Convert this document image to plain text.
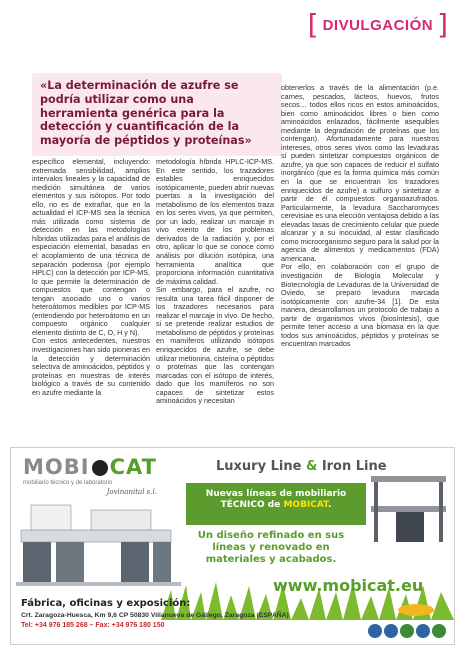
[ DIVULGACIÓN ]

«La determinación de azufre se podría utilizar como una herramienta genérica para la detección y cuantificación de la mayoría de péptidos y proteínas»

específico elemental, incluyendo: extremada sensibilidad, amplios intervalos lineales y la capacidad de medición simultánea de varios elementos y sus isótopos. Por todo ello, no es de extrañar, que en la actualidad el ICP-MS sea la técnica más utilizada como sistema de detección en las metodologías híbridas utilizadas para el análisis de especiación elemental, basadas en el acoplamiento de una técnica de separación poderosa (por ejemplo HPLC) con la detección por ICP-MS, lo que permite la determinación de compuestos que contengan o tengan asociado uno o varios heteroátomos medibles por ICP-MS (entendiendo por heteroátomo en un compuesto orgánico cualquier elemento distinto de C, O, H y N).

Con estos antecedentes, nuestros investigaciones han sido pioneras en la detección y determinación selectiva de aminoácidos, péptidos y proteínas en muestras de interés biológico a través de su contenido en azufre mediante la

metodología híbrida HPLC-ICP-MS. En este sentido, los trazadores estables enriquecidos isotópicamente, pueden abrir nuevas puertas a la investigación del metabolismo de los elementos traza en los seres vivos, ya que permiten, por un lado, realizar un marcaje in vivo exento de los problemas derivados de la radiación y, por el otro, aplicar lo que se conoce como análisis por dilución isotópica, una herramienta analítica que proporciona información cuantitativa de máxima calidad.

Sin embargo, para el azufre, no resulta una tarea fácil disponer de los trazadores necesarios para realizar el marcaje in vivo. De hecho, si se pretende realizar estudios de metabolismo de péptidos y proteínas en mamíferos utilizando isótopos enriquecidos de azufre, se debe utilizar metionina, cisteína o péptidos o proteínas que las contengan marcadas con el isótopo de interés, dado que los mamíferos no son capaces de sintetizar estos aminoácidos y necesitan

obtenerlos a través de la alimentación (p.e. carnes, pescados, lácteos, huevos, frutos secos… todos ellos ricos en estos aminoácidos, bien como aminoácidos libres o bien como aminoácidos enlazados, fácilmente asequibles mediante la degradación de proteínas que los contengan). Afortunadamente para nuestros intereses, otros seres vivos como las levaduras sí pueden sintetizar compuestos orgánicos de azufre, ya que son capaces de reducir el sulfato inorgánico (que es la forma química más común en la que se encuentran los trazadores enriquecidos de azufre) a sulfuro y sintetizar a partir de él compuestos organoazufrados. Particularmente, la levadura Saccharomyces cerevisiae es una elección ventajosa debido a las elevadas tasas de crecimiento celular que puede alcanzar y a su inocuidad, al estar clasificado como microorganismo seguro para la salud por la agencia de alimentos y medicamentos (FDA) americana.

Por ello, en colaboración con el grupo de investigación de Biología Molecular y Biotecnología de Levaduras de la Universidad de Oviedo, se preparó levadura marcada isotópicamente con azufre-34 [1]. De esta manera, desarrollamos un protocolo de trabajo a partir de organismos vivos (biosíntesis), que permite tener acceso a una biomasa en la que todos sus aminoácidos, péptidos y proteínas se encuentran marcados

MOBI CAT
mobiliario técnico y de laboratorio
Jovinanital s.l.
Luxury Line & Iron Line
Nuevas líneas de mobiliario
TÉCNICO de MOBICAT.
Un diseño refinado en sus líneas y renovado en materiales y acabados.
www.mobicat.eu
Fábrica, oficinas y exposición:
Crt. Zaragoza-Huesca, Km 9,6 CP 50830 Villanueva de Gállego, Zaragoza (ESPAÑA)
Tel: +34 976 185 268 – Fax: +34 976 180 150
